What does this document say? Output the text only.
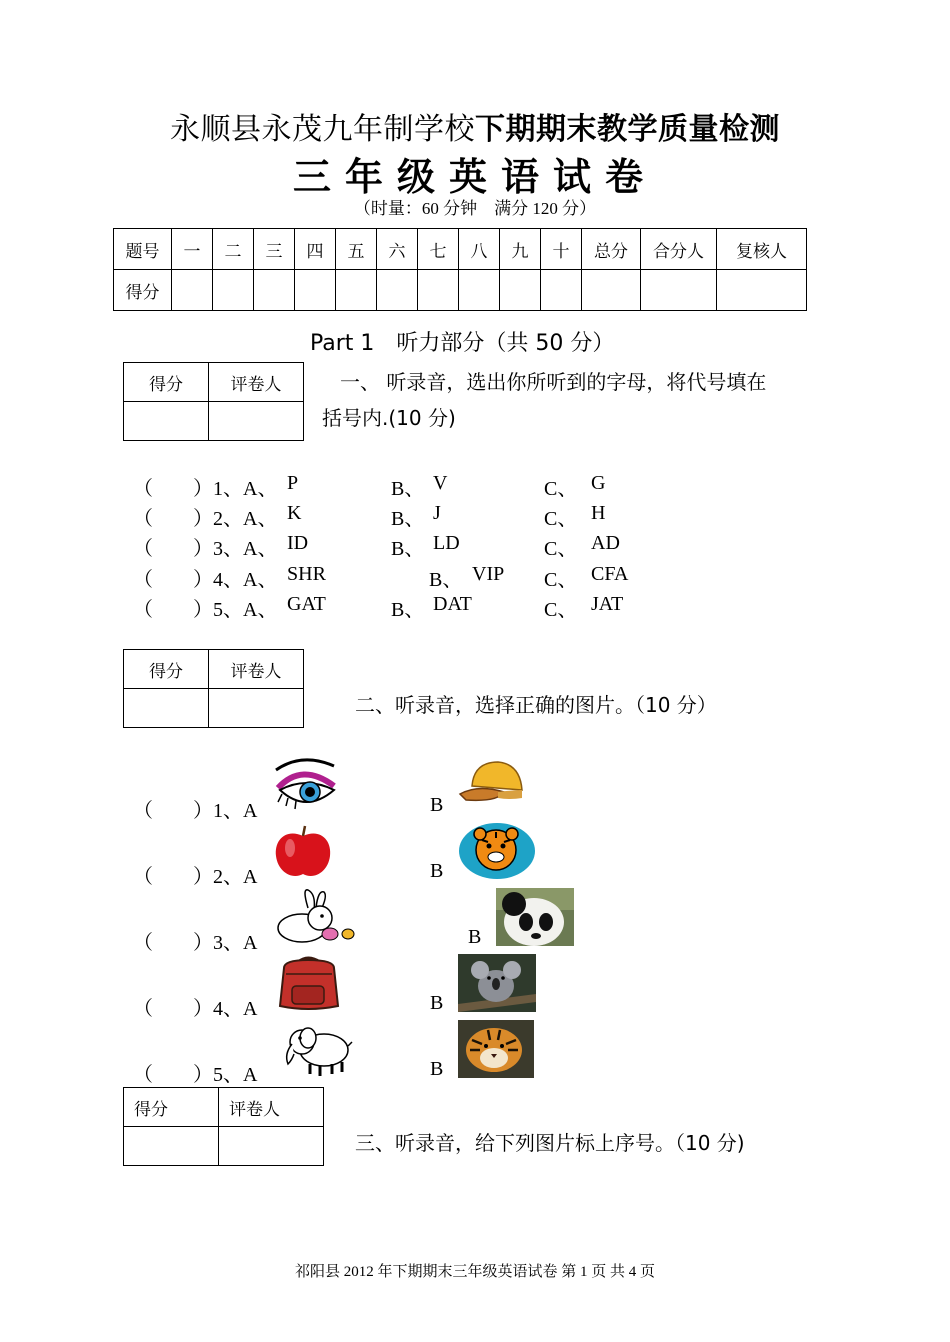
永顺县永茂九年制学校下期期末教学质量检测
三年级英语试卷
（时量：60 分钟　满分 120 分）
题号	一	二	三	四	五	六	七	八	九	十	总分	合分人	复核人
得分													
Part 1　听力部分（共 50 分）
得分	评卷人
		一、 听录音，选出你所听到的字母，将代号填在
括号内.(10 分)
（　　）1、A、 P	B、 V	C、 G
（　　）2、A、 K	B、 J	C、 H
（　　）3、A、 ID	B、 LD	C、 AD
（　　）4、A、 SHR	B、 VIP C、 CFA
（　　）5、A、 GAT	B、 DAT	C、 JAT
得分	评卷人

二、听录音，选择正确的图片。（10 分）
（　　）1、A	B
（　　）2、A	B
（　　）3、A	B
（　　）4、A	B
（　　）5、A	B
得分	评卷人

三、听录音，给下列图片标上序号。（10 分)
祁阳县 2012 年下期期末三年级英语试卷 第 1 页 共 4 页
